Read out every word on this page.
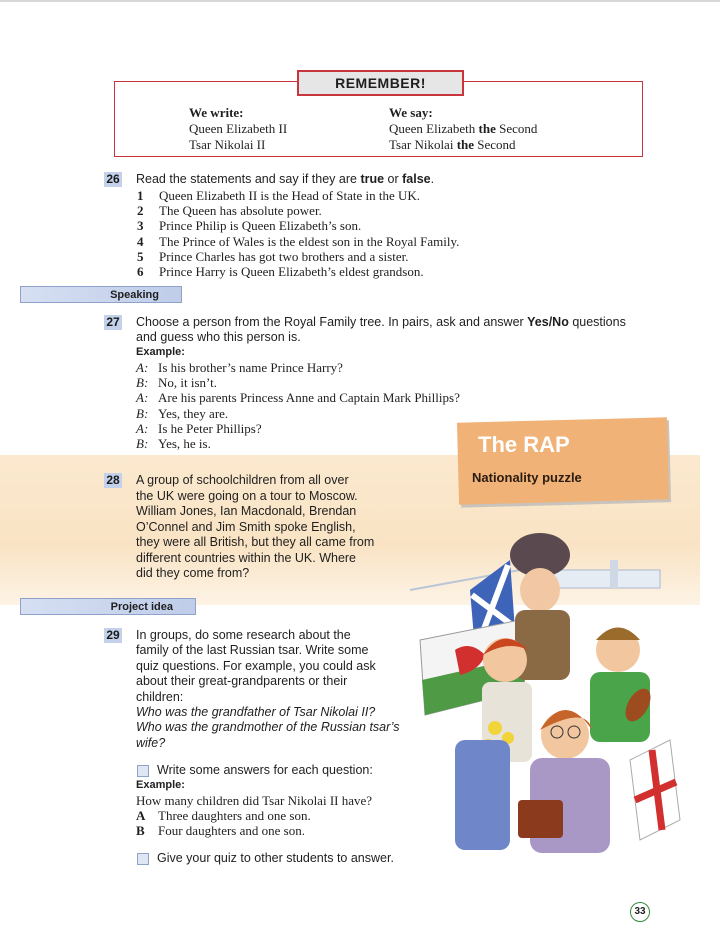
REMEMBER!
We write:	We say:
Queen Elizabeth II	Queen Elizabeth the Second
Tsar Nikolai II	Tsar Nikolai the Second
26 Read the statements and say if they are true or false.
1 Queen Elizabeth II is the Head of State in the UK.
2 The Queen has absolute power.
3 Prince Philip is Queen Elizabeth’s son.
4 The Prince of Wales is the eldest son in the Royal Family.
5 Prince Charles has got two brothers and a sister.
6 Prince Harry is Queen Elizabeth’s eldest grandson.
Speaking
27 Choose a person from the Royal Family tree. In pairs, ask and answer Yes/No questions
and guess who this person is.
Example:
A: Is his brother’s name Prince Harry?
B: No, it isn’t.
A: Are his parents Princess Anne and Captain Mark Phillips?
B: Yes, they are.
A: Is he Peter Phillips?
B: Yes, he is.	The RAP
Nationality puzzle
28 A group of schoolchildren from all over
the UK were going on a tour to Moscow.
William Jones, Ian Macdonald, Brendan
O’Connel and Jim Smith spoke English,
they were all British, but they all came from
different countries within the UK. Where
did they come from?
Project idea
29 In groups, do some research about the
family of the last Russian tsar. Write some
quiz questions. For example, you could ask
about their great-grandparents or their
children:
Who was the grandfather of Tsar Nikolai II?
Who was the grandmother of the Russian tsar’s
wife?
Write some answers for each question:
Example:
How many children did Tsar Nikolai II have?
A Three daughters and one son.
B Four daughters and one son.
Give your quiz to other students to answer.
33
